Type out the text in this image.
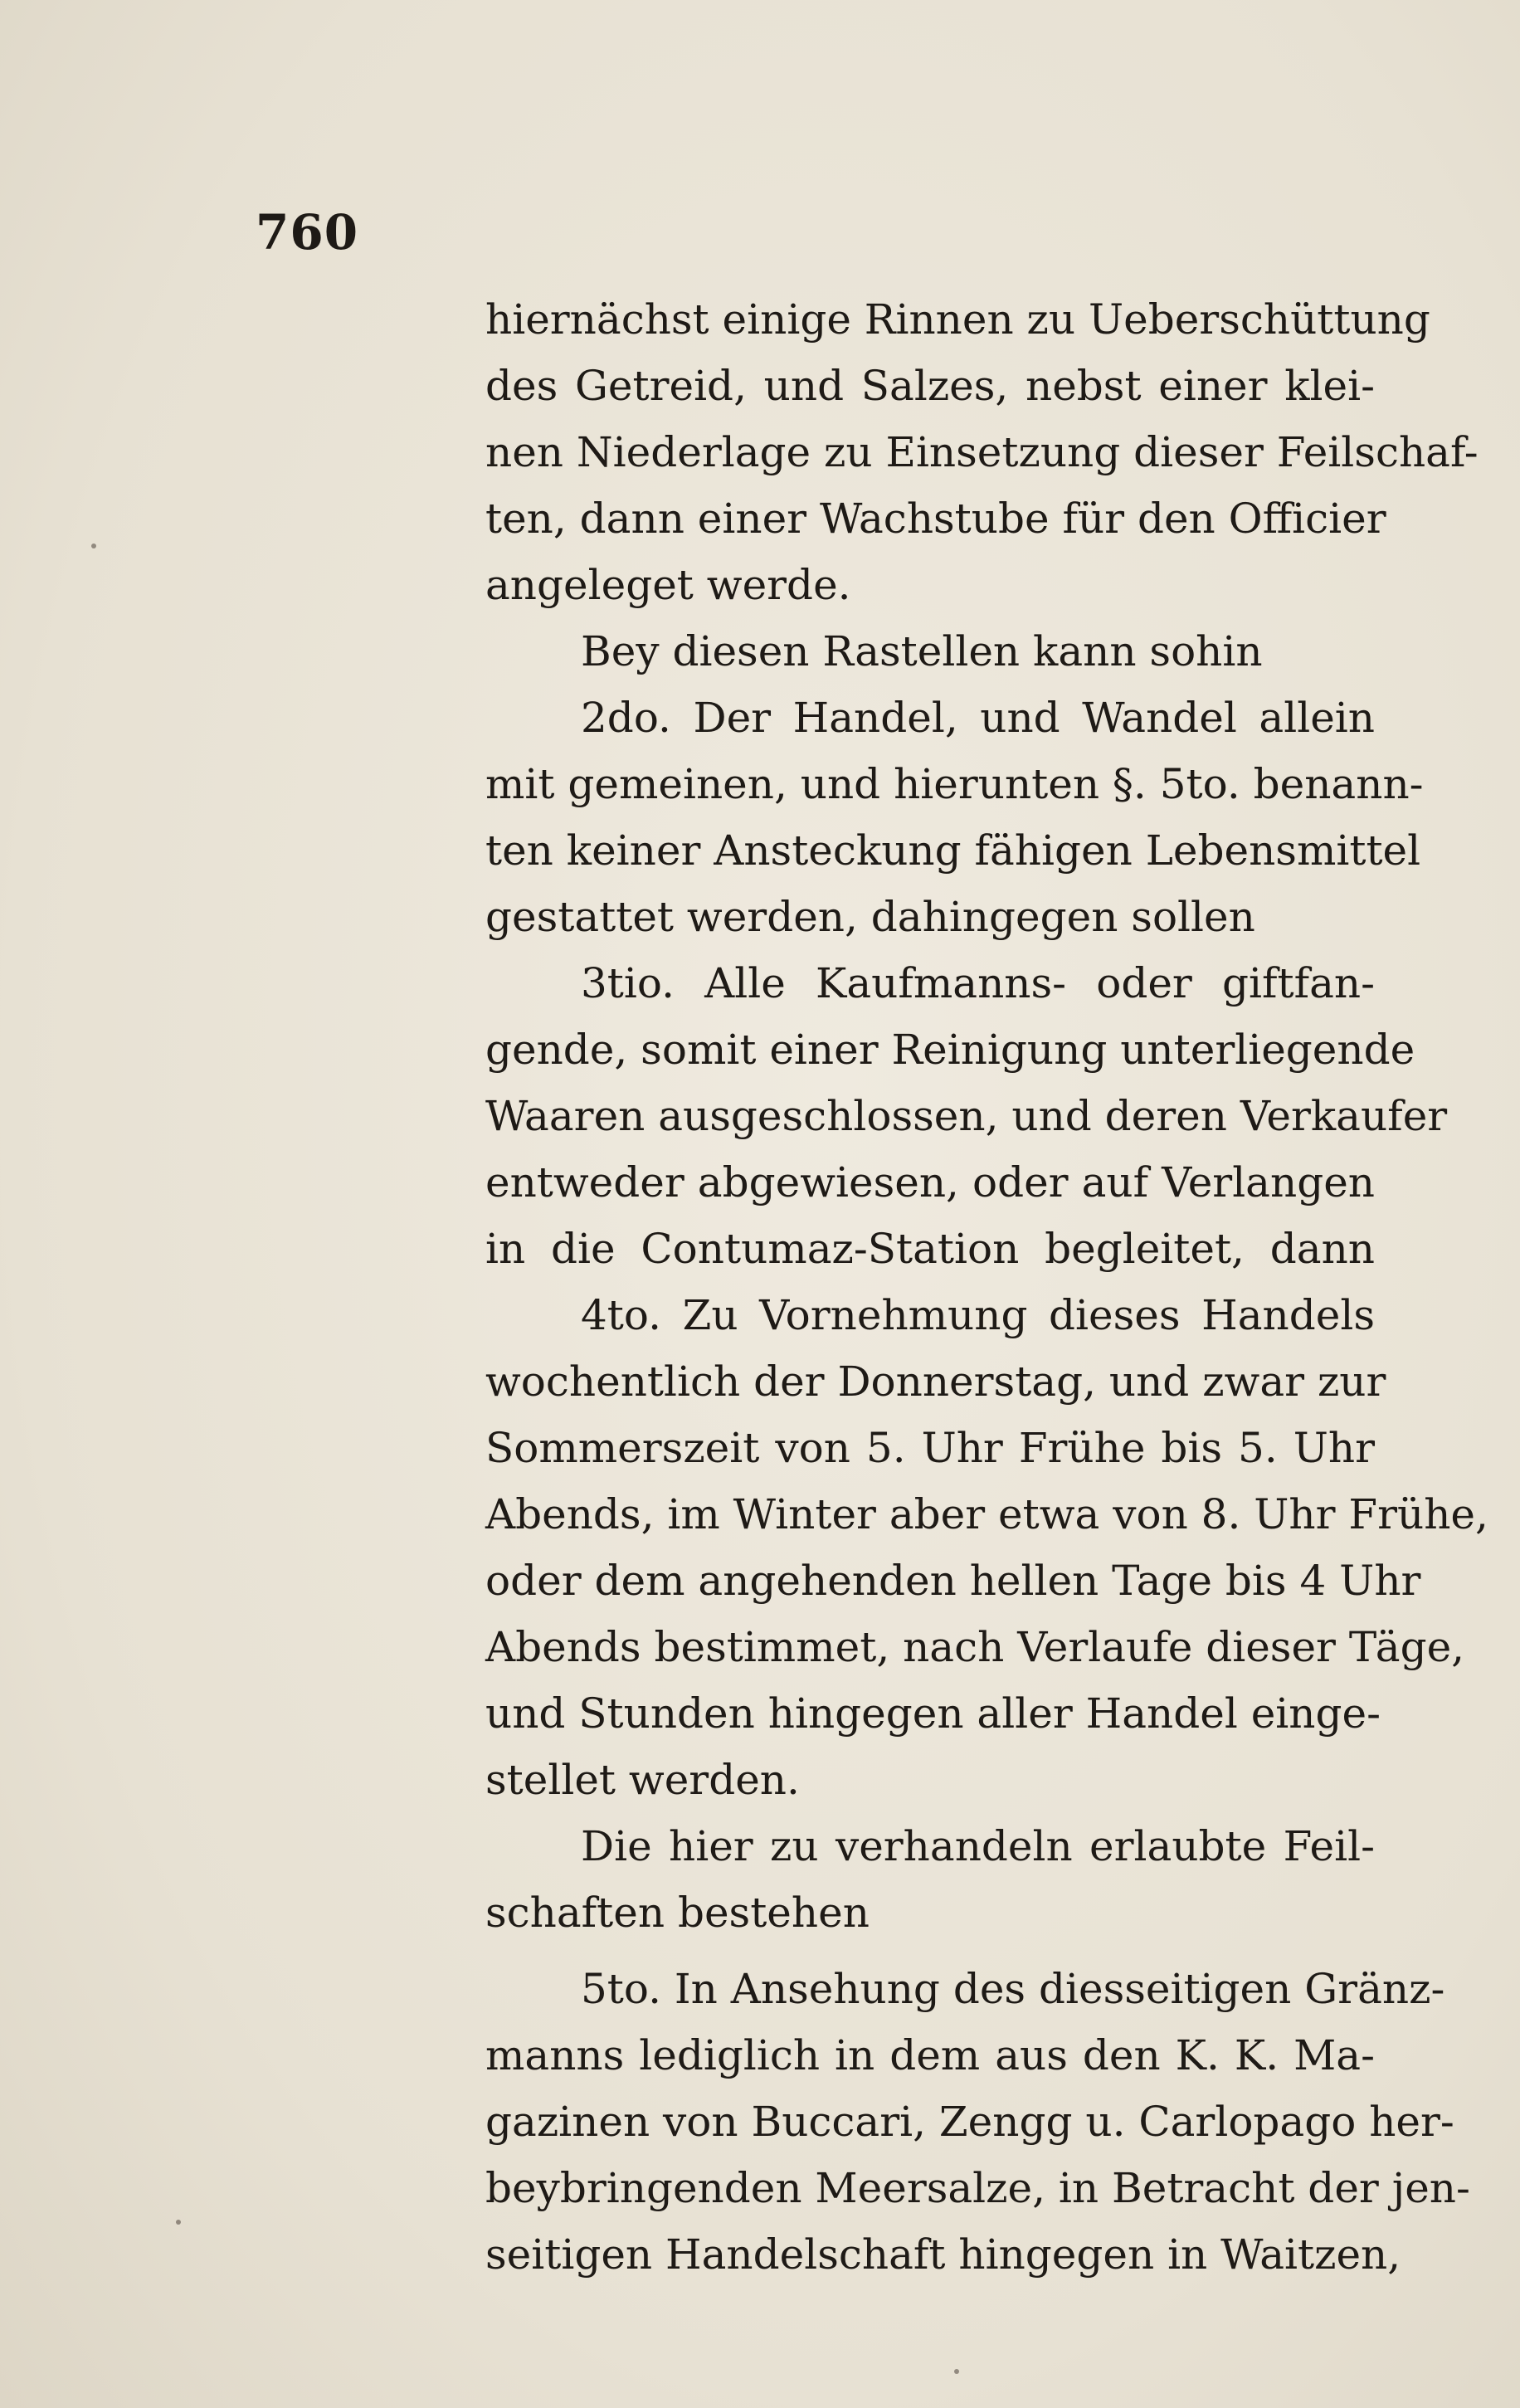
760
hiernächst einige Rinnen zu Ueberschüttung
des Getreid, und Salzes, nebst einer klei-
nen Niederlage zu Einsetzung dieser Feilschaf-
ten, dann einer Wachstube für den Officier
angeleget werde.
Bey diesen Rastellen kann sohin
2do. Der Handel, und Wandel allein
mit gemeinen, und hierunten §. 5to. benann-
ten keiner Ansteckung fähigen Lebensmittel
gestattet werden, dahingegen sollen
3tio. Alle Kaufmanns- oder giftfan-
gende, somit einer Reinigung unterliegende
Waaren ausgeschlossen, und deren Verkaufer
entweder abgewiesen, oder auf Verlangen
in die Contumaz-Station begleitet, dann
4to. Zu Vornehmung dieses Handels
wochentlich der Donnerstag, und zwar zur
Sommerszeit von 5. Uhr Frühe bis 5. Uhr
Abends, im Winter aber etwa von 8. Uhr Frühe,
oder dem angehenden hellen Tage bis 4 Uhr
Abends bestimmet, nach Verlaufe dieser Täge,
und Stunden hingegen aller Handel einge-
stellet werden.
Die hier zu verhandeln erlaubte Feil-
schaften bestehen
5to. In Ansehung des diesseitigen Gränz-
manns lediglich in dem aus den K. K. Ma-
gazinen von Buccari, Zengg u. Carlopago her-
beybringenden Meersalze, in Betracht der jen-
seitigen Handelschaft hingegen in Waitzen,
